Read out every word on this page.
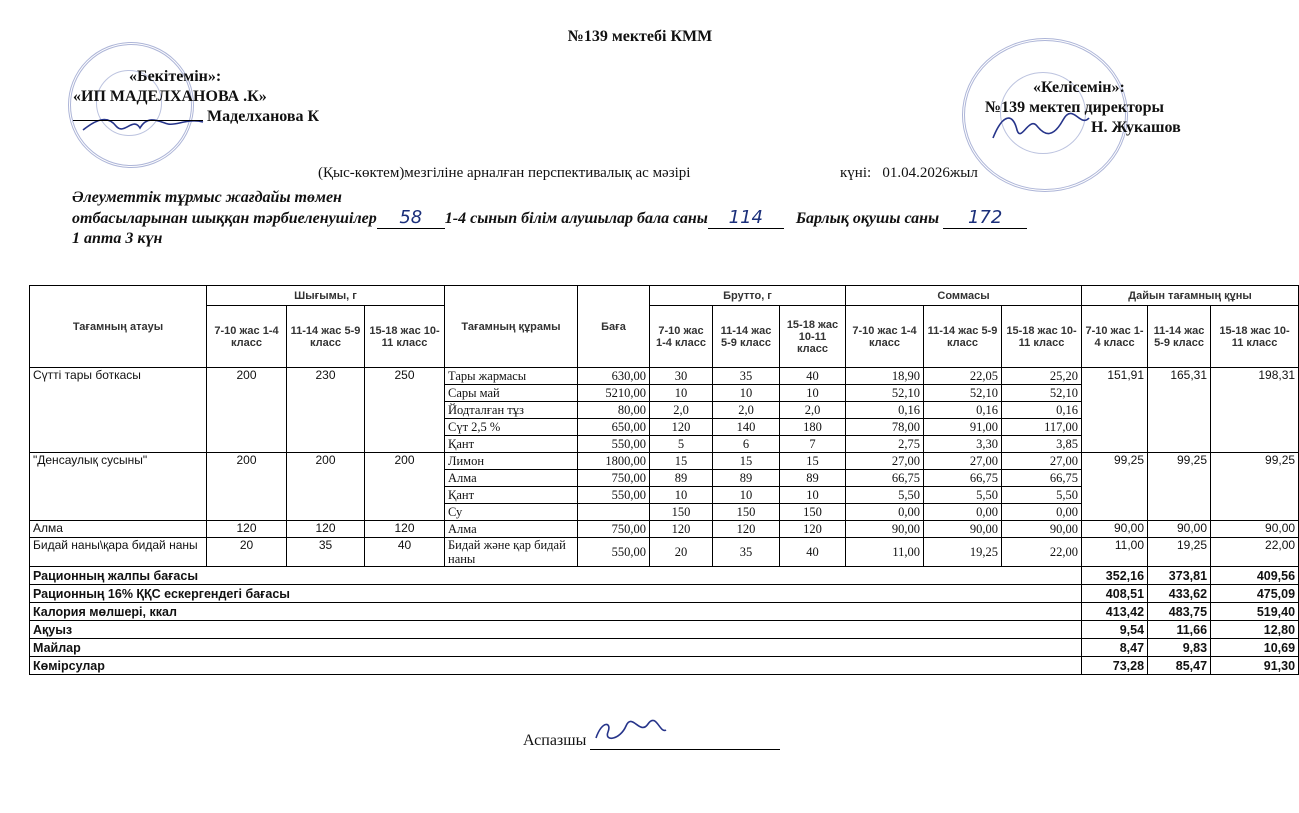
№139 мектебі КММ
«Бекітемін»:
«ИП МАДЕЛХАНОВА .К»
Маделханова К
«Келісемін»:
№139 мектеп директоры
Н. Жукашов
(Қыс-көктем)мезгіліне арналған перспективалық ас мәзірі	күні: 01.04.2026жыл
Әлеуметтік тұрмыс жағдайы төмен
отбасыларынан шыққан тәрбиеленушілер 58 1-4 сынып білім алушылар бала саны 114 Барлық оқушы саны 172
1 апта 3 күн
Тағамның атауы	Шығымы, г			Тағамның құрамы	Баға	Брутто, г			Соммасы			Дайын тағамның құны		
	7-10 жас 1-4 класс	11-14 жас 5-9 класс	15-18 жас 10-11 класс			7-10 жас 1-4 класс	11-14 жас 5-9 класс	15-18 жас 10-11 класс	7-10 жас 1-4 класс	11-14 жас 5-9 класс	15-18 жас 10-11 класс	7-10 жас 1-4 класс	11-14 жас 5-9 класс	15-18 жас 10-11 класс
Сүтті тары боткасы	200	230	250	Тары жармасы	630,00	30	35	40	18,90	22,05	25,20	151,91	165,31	198,31
				Сары май	5210,00	10	10	10	52,10	52,10	52,10			
				Йодталған тұз	80,00	2,0	2,0	2,0	0,16	0,16	0,16			
				Сүт 2,5 %	650,00	120	140	180	78,00	91,00	117,00			
				Қант	550,00	5	6	7	2,75	3,30	3,85			
"Денсаулық сусыны"	200	200	200	Лимон	1800,00	15	15	15	27,00	27,00	27,00	99,25	99,25	99,25
				Алма	750,00	89	89	89	66,75	66,75	66,75			
				Қант	550,00	10	10	10	5,50	5,50	5,50			
				Су		150	150	150	0,00	0,00	0,00			
Алма	120	120	120	Алма	750,00	120	120	120	90,00	90,00	90,00	90,00	90,00	90,00
Бидай наны\қара бидай наны	20	35	40	Бидай және қар бидай наны	550,00	20	35	40	11,00	19,25	22,00	11,00	19,25	22,00
Рационның жалпы бағасы												352,16	373,81	409,56
Рационның 16% ҚҚС ескергендегі бағасы												408,51	433,62	475,09
Калория мөлшері, ккал												413,42	483,75	519,40
Ақуыз												9,54	11,66	12,80
Майлар												8,47	9,83	10,69
Көмірсулар												73,28	85,47	91,30
Аспазшы
